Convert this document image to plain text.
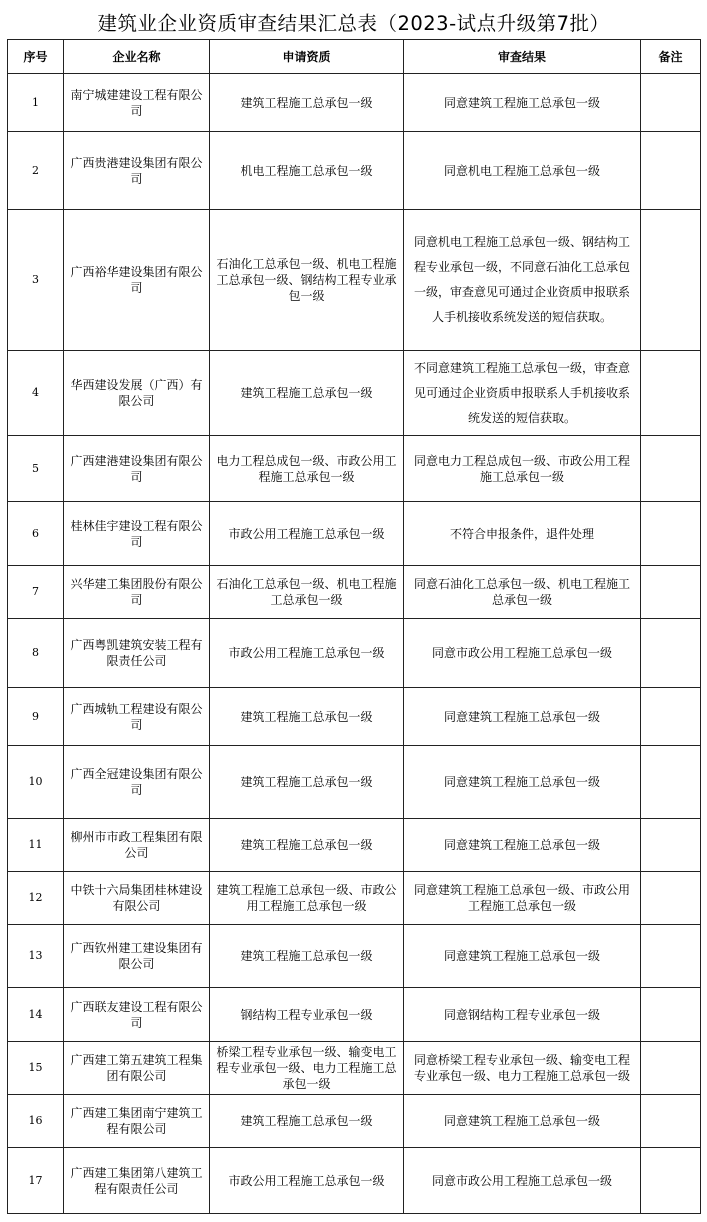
建筑业企业资质审查结果汇总表（2023-试点升级第7批）
序号	企业名称	申请资质	审查结果	备注
1	南宁城建建设工程有限公司	建筑工程施工总承包一级	同意建筑工程施工总承包一级	
2	广西贵港建设集团有限公司	机电工程施工总承包一级	同意机电工程施工总承包一级	
3	广西裕华建设集团有限公司	石油化工总承包一级、机电工程施工总承包一级、钢结构工程专业承包一级	同意机电工程施工总承包一级、钢结构工程专业承包一级，不同意石油化工总承包一级，审查意见可通过企业资质申报联系人手机接收系统发送的短信获取。	
4	华西建设发展（广西）有限公司	建筑工程施工总承包一级	不同意建筑工程施工总承包一级，审查意见可通过企业资质申报联系人手机接收系统发送的短信获取。	
5	广西建港建设集团有限公司	电力工程总成包一级、市政公用工程施工总承包一级	同意电力工程总成包一级、市政公用工程施工总承包一级	
6	桂林佳宇建设工程有限公司	市政公用工程施工总承包一级	不符合申报条件，退件处理	
7	兴华建工集团股份有限公司	石油化工总承包一级、机电工程施工总承包一级	同意石油化工总承包一级、机电工程施工总承包一级	
8	广西粤凯建筑安装工程有限责任公司	市政公用工程施工总承包一级	同意市政公用工程施工总承包一级	
9	广西城轨工程建设有限公司	建筑工程施工总承包一级	同意建筑工程施工总承包一级	
10	广西全冠建设集团有限公司	建筑工程施工总承包一级	同意建筑工程施工总承包一级	
11	柳州市市政工程集团有限公司	建筑工程施工总承包一级	同意建筑工程施工总承包一级	
12	中铁十六局集团桂林建设有限公司	建筑工程施工总承包一级、市政公用工程施工总承包一级	同意建筑工程施工总承包一级、市政公用工程施工总承包一级	
13	广西钦州建工建设集团有限公司	建筑工程施工总承包一级	同意建筑工程施工总承包一级	
14	广西联友建设工程有限公司	钢结构工程专业承包一级	同意钢结构工程专业承包一级	
15	广西建工第五建筑工程集团有限公司	桥梁工程专业承包一级、输变电工程专业承包一级、电力工程施工总承包一级	同意桥梁工程专业承包一级、输变电工程专业承包一级、电力工程施工总承包一级	
16	广西建工集团南宁建筑工程有限公司	建筑工程施工总承包一级	同意建筑工程施工总承包一级	
17	广西建工集团第八建筑工程有限责任公司	市政公用工程施工总承包一级	同意市政公用工程施工总承包一级	
